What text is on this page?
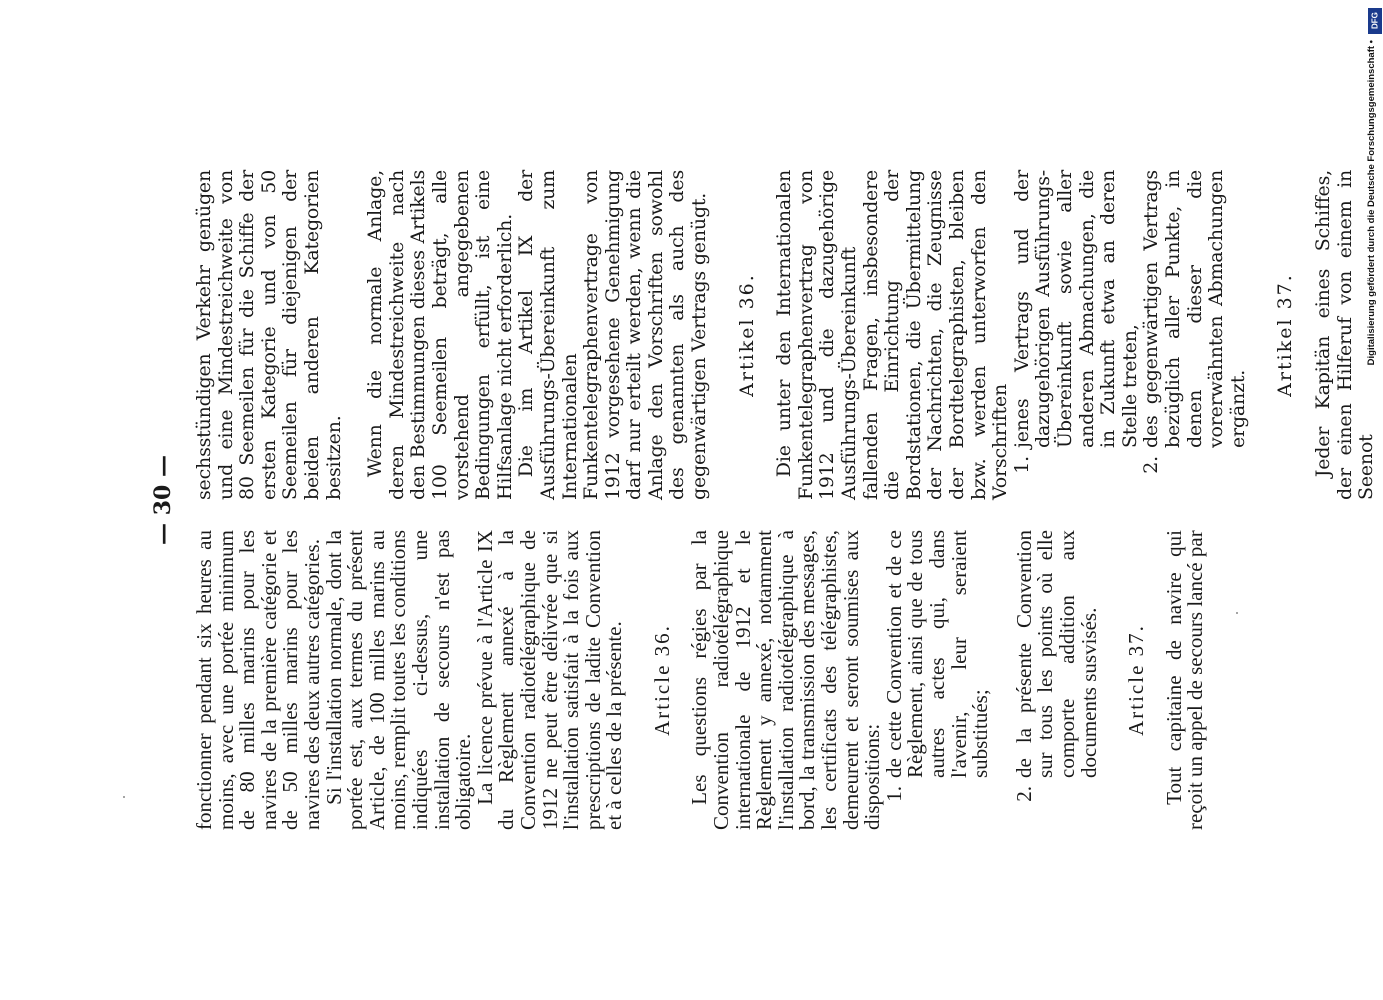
— 30 —

fonctionner pendant six heures au moins, avec une portée minimum de 80 milles marins pour les navires de la première catégorie et de 50 milles marins pour les navires des deux autres catégories.

Si l'installation normale, dont la portée est, aux termes du présent Article, de 100 milles marins au moins, remplit toutes les conditions indiquées ci-dessus, une installation de secours n'est pas obligatoire.

La licence prévue à l'Article IX du Règlement annexé à la Convention radiotélégraphique de 1912 ne peut être délivrée que si l'installation satisfait à la fois aux prescriptions de ladite Convention et à celles de la présente. Article 36. Les questions régies par la Convention radiotélégraphique internationale de 1912 et le Règlement y annexé, notamment l'installation radiotélégraphique à bord, la transmission des messages, les certificats des télégraphistes, demeurent et seront soumises aux dispositions:

1.
de cette Convention et de ce Règlement, ainsi que de tous autres actes qui, dans l'avenir, leur seraient substitués;
2.
de la présente Convention sur tous les points où elle comporte addition aux documents susvisés. Article 37. Tout capitaine de navire qui reçoit un appel de secours lancé par

sechsstündigen Verkehr genügen und eine Mindestreichweite von 80 Seemeilen für die Schiffe der ersten Kategorie und von 50 Seemeilen für diejenigen der beiden anderen Kategorien besitzen. Wenn die normale Anlage, deren Mindestreichweite nach den Bestimmungen dieses Artikels 100 Seemeilen beträgt, alle vorstehend angegebenen Bedingungen erfüllt, ist eine Hilfsanlage nicht erforderlich. Die im Artikel IX der Ausführungs-Übereinkunft zum Internationalen Funkentelegraphenvertrage von 1912 vorgesehene Genehmigung darf nur erteilt werden, wenn die Anlage den Vorschriften sowohl des genannten als auch des gegenwärtigen Vertrags genügt. Artikel 36. Die unter den Internationalen Funkentelegraphenvertrag von 1912 und die dazugehörige Ausführungs-Übereinkunft fallenden Fragen, insbesondere die Einrichtung der Bordstationen, die Übermittelung der Nachrichten, die Zeugnisse der Bordtelegraphisten, bleiben bzw. werden unterworfen den Vorschriften 1.
jenes Vertrags und der dazugehörigen Ausführungs-Übereinkunft sowie aller anderen Abmachungen, die in Zukunft etwa an deren Stelle treten,
2.
des gegenwärtigen Vertrags bezüglich aller Punkte, in denen dieser die vorerwähnten Abmachungen ergänzt.

Artikel 37. Jeder Kapitän eines Schiffes, der einen Hilferuf von einem in Seenot

DFG
Digitalisierung gefördert durch die Deutsche Forschungsgemeinschaft •
